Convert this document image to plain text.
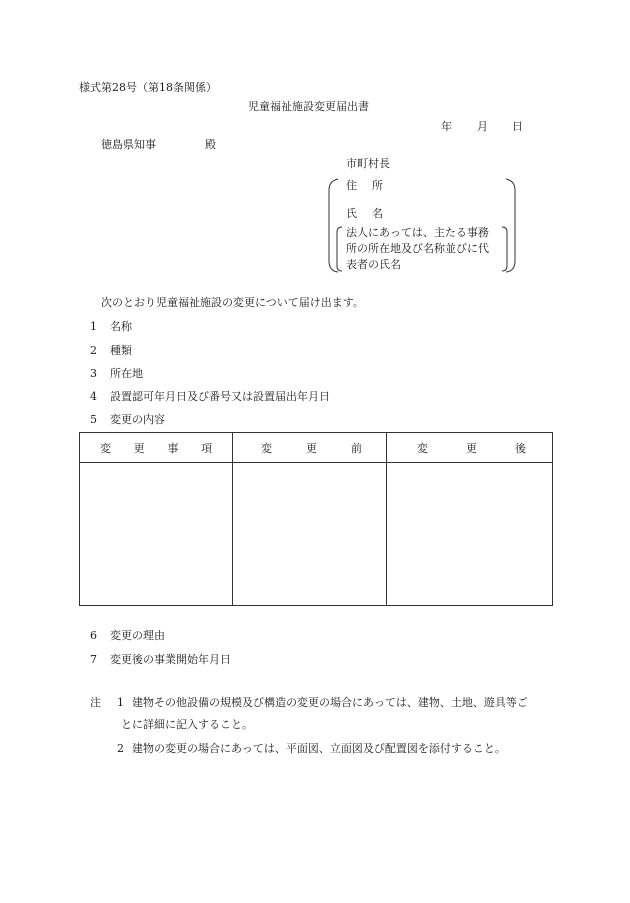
様式第28号（第18条関係）
児童福祉施設変更届出書
年 月 日
徳島県知事	殿
市町村長
住 所
氏 名
法人にあっては、主たる事務
所の所在地及び名称並びに代
表者の氏名
次のとおり児童福祉施設の変更について届け出ます。
1 名称
2 種類
3 所在地
4 設置認可年月日及び番号又は設置届出年月日
5 変更の内容
変 更 事 項	変 更 前	変 更 後

6 変更の理由
7 変更後の事業開始年月日
注 1 建物その他設備の規模及び構造の変更の場合にあっては、建物、土地、遊具等ご
とに詳細に記入すること。
2 建物の変更の場合にあっては、平面図、立面図及び配置図を添付すること。
